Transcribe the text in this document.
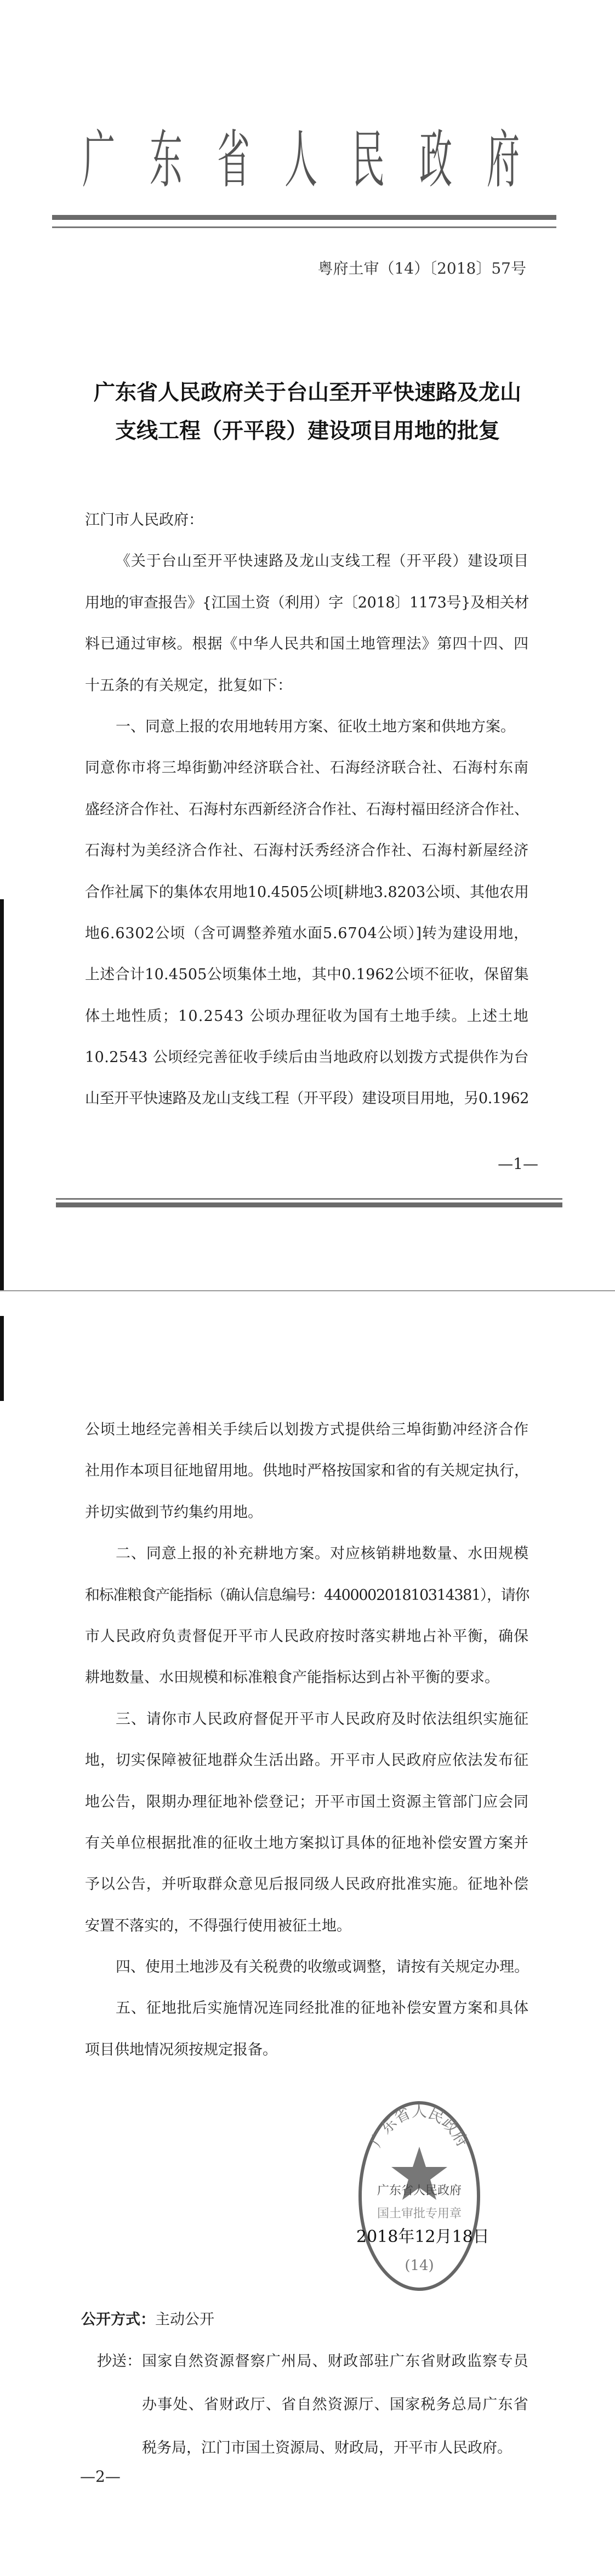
广东省人民政府
粤府土审（14）〔2018〕57号
广东省人民政府关于台山至开平快速路及龙山
支线工程（开平段）建设项目用地的批复
江门市人民政府：
《关于台山至开平快速路及龙山支线工程（开平段）建设项目
用地的审查报告》{江国土资（利用）字〔2018〕1173号}及相关材
料已通过审核。根据《中华人民共和国土地管理法》第四十四、四
十五条的有关规定，批复如下：
一、同意上报的农用地转用方案、征收土地方案和供地方案。
同意你市将三埠街勤冲经济联合社、石海经济联合社、石海村东南
盛经济合作社、石海村东西新经济合作社、石海村福田经济合作社、
石海村为美经济合作社、石海村沃秀经济合作社、石海村新屋经济
合作社属下的集体农用地10.4505公顷[耕地3.8203公顷、其他农用
地6.6302公顷（含可调整养殖水面5.6704公顷）]转为建设用地，
上述合计10.4505公顷集体土地，其中0.1962公顷不征收，保留集
体土地性质；10.2543 公顷办理征收为国有土地手续。上述土地
10.2543 公顷经完善征收手续后由当地政府以划拨方式提供作为台
山至开平快速路及龙山支线工程（开平段）建设项目用地，另0.1962
—1—
公顷土地经完善相关手续后以划拨方式提供给三埠街勤冲经济合作
社用作本项目征地留用地。供地时严格按国家和省的有关规定执行，
并切实做到节约集约用地。
二、同意上报的补充耕地方案。对应核销耕地数量、水田规模
和标准粮食产能指标（确认信息编号：440000201810314381），请你
市人民政府负责督促开平市人民政府按时落实耕地占补平衡，确保
耕地数量、水田规模和标准粮食产能指标达到占补平衡的要求。
三、请你市人民政府督促开平市人民政府及时依法组织实施征
地，切实保障被征地群众生活出路。开平市人民政府应依法发布征
地公告，限期办理征地补偿登记；开平市国土资源主管部门应会同
有关单位根据批准的征收土地方案拟订具体的征地补偿安置方案并
予以公告，并听取群众意见后报同级人民政府批准实施。征地补偿
安置不落实的，不得强行使用被征土地。
四、使用土地涉及有关税费的收缴或调整，请按有关规定办理。
五、征地批后实施情况连同经批准的征地补偿安置方案和具体
项目供地情况须按规定报备。
广东省人民政府
广东省人民政府
国土审批专用章
(14)
2018年12月18日
公开方式：主动公开
抄送： 国家自然资源督察广州局、财政部驻广东省财政监察专员
办事处、省财政厅、省自然资源厅、国家税务总局广东省
税务局，江门市国土资源局、财政局，开平市人民政府。
—2—
